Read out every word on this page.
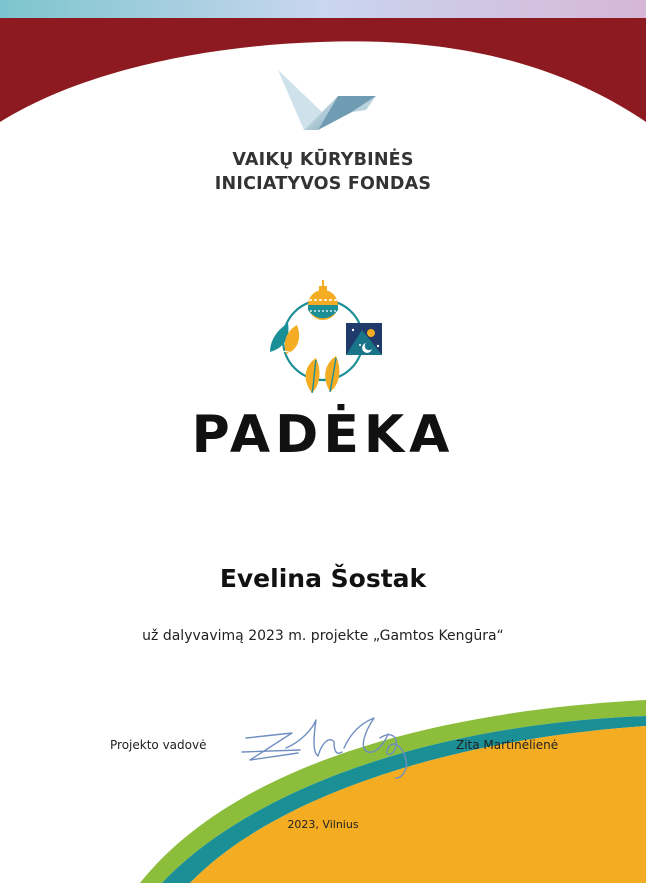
VAIKŲ KŪRYBINĖS
INICIATYVOS FONDAS
PADĖKA
Evelina Šostak
už dalyvavimą 2023 m. projekte „Gamtos Kengūra“
Projekto vadovė	Zita Martinėlienė
2023, Vilnius
